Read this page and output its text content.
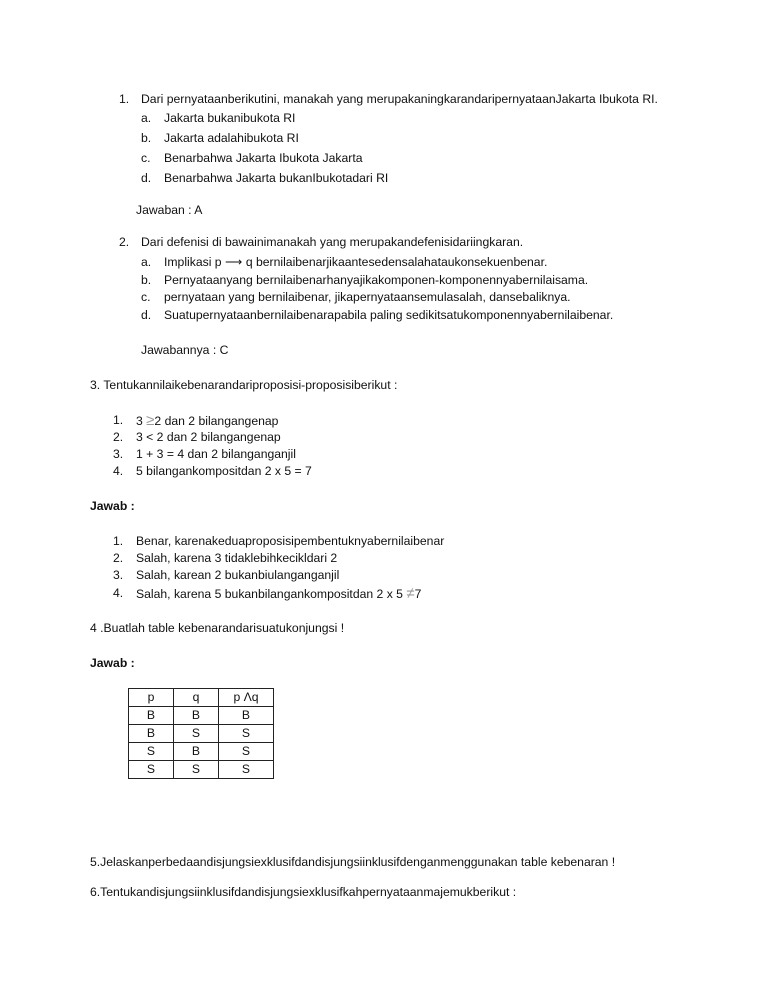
1. Dari pernyataanberikutini, manakah yang merupakaningkarandaripernyataanJakarta Ibukota RI.
a. Jakarta bukanibukota RI
b. Jakarta adalahibukota RI
c. Benarbahwa Jakarta Ibukota Jakarta
d. Benarbahwa Jakarta bukanIbukotadari RI
Jawaban : A
2. Dari defenisi di bawainimanakah yang merupakandefenisidariingkaran.
a. Implikasi p ⟶ q bernilaibenarjikaantesedensalahataukonsekuenbenar.
b. Pernyataanyang bernilaibenarhanyajikakomponen-komponennyabernilaisama.
c. pernyataan yang bernilaibenar, jikapernyataansemulasalah, dansebaliknya.
d. Suatupernyataanbernilaibenarapabila paling sedikitsatukomponennyabernilaibenar.
Jawabannya : C
3. Tentukannilaikebenarandariproposisi-proposisiberikut :
1. 3 ≥2 dan 2 bilangangenap
2. 3 < 2 dan 2 bilangangenap
3. 1 + 3 = 4 dan 2 bilanganganjil
4. 5 bilangankompositdan 2 x 5 = 7
Jawab :
1. Benar, karenakeduaproposisipembentuknyabernilaibenar
2. Salah, karena 3 tidaklebihkecikldari 2
3. Salah, karean 2 bukanbiulanganganjil
4. Salah, karena 5 bukanbilangankompositdan 2 x 5 ≠7
4 .Buatlah table kebenarandarisuatukonjungsi !
Jawab :
p	q	p Λq
B	B	B
B	S	S
S	B	S
S	S	S
5.Jelaskanperbedaandisjungsiexklusifdandisjungsiinklusifdenganmenggunakan table kebenaran !
6.Tentukandisjungsiinklusifdandisjungsiexklusifkahpernyataanmajemukberikut :
